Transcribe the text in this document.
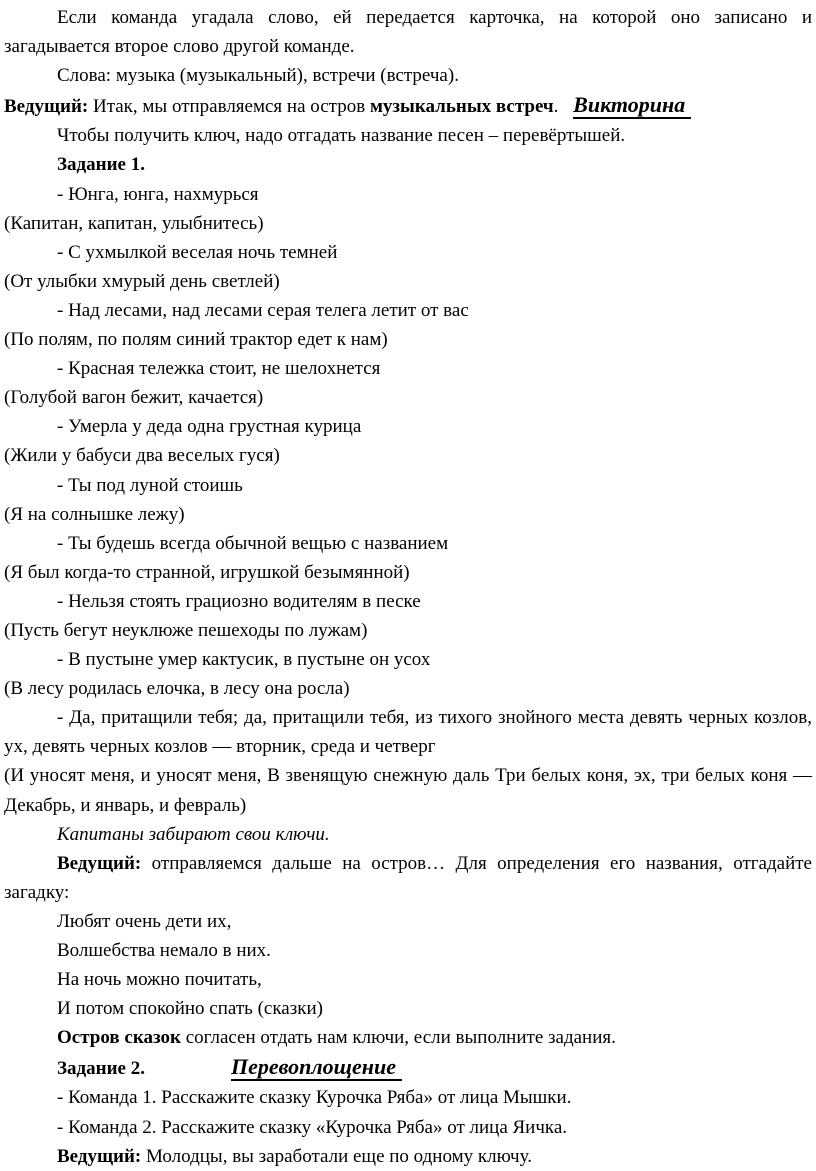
Если команда угадала слово, ей передается карточка, на которой оно записано и загадывается второе слово другой команде.

Слова: музыка (музыкальный), встречи (встреча).

Ведущий: Итак, мы отправляемся на остров музыкальных встреч. Викторина

Чтобы получить ключ, надо отгадать название песен – перевёртышей.

Задание 1.

- Юнга, юнга, нахмурься

(Капитан, капитан, улыбнитесь)

- С ухмылкой веселая ночь темней

(От улыбки хмурый день светлей)

- Над лесами, над лесами серая телега летит от вас

(По полям, по полям синий трактор едет к нам)

- Красная тележка стоит, не шелохнется

(Голубой вагон бежит, качается)

- Умерла у деда одна грустная курица

(Жили у бабуси два веселых гуся)

- Ты под луной стоишь

(Я на солнышке лежу)

- Ты будешь всегда обычной вещью с названием

(Я был когда-то странной, игрушкой безымянной)

- Нельзя стоять грациозно водителям в песке

(Пусть бегут неуклюже пешеходы по лужам)

- В пустыне умер кактусик, в пустыне он усох

(В лесу родилась елочка, в лесу она росла)

- Да, притащили тебя; да, притащили тебя, из тихого знойного места девять черных козлов, ух, девять черных козлов — вторник, среда и четверг

(И уносят меня, и уносят меня, В звенящую снежную даль Три белых коня, эх, три белых коня — Декабрь, и январь, и февраль)

Капитаны забирают свои ключи.

Ведущий: отправляемся дальше на остров… Для определения его названия, отгадайте загадку:

Любят очень дети их,

Волшебства немало в них.

На ночь можно почитать,

И потом спокойно спать (сказки)

Остров сказок согласен отдать нам ключи, если выполните задания.

Задание 2.	Перевоплощение

- Команда 1. Расскажите сказку Курочка Ряба» от лица Мышки.

- Команда 2. Расскажите сказку «Курочка Ряба» от лица Яичка.

Ведущий: Молодцы, вы заработали еще по одному ключу.
